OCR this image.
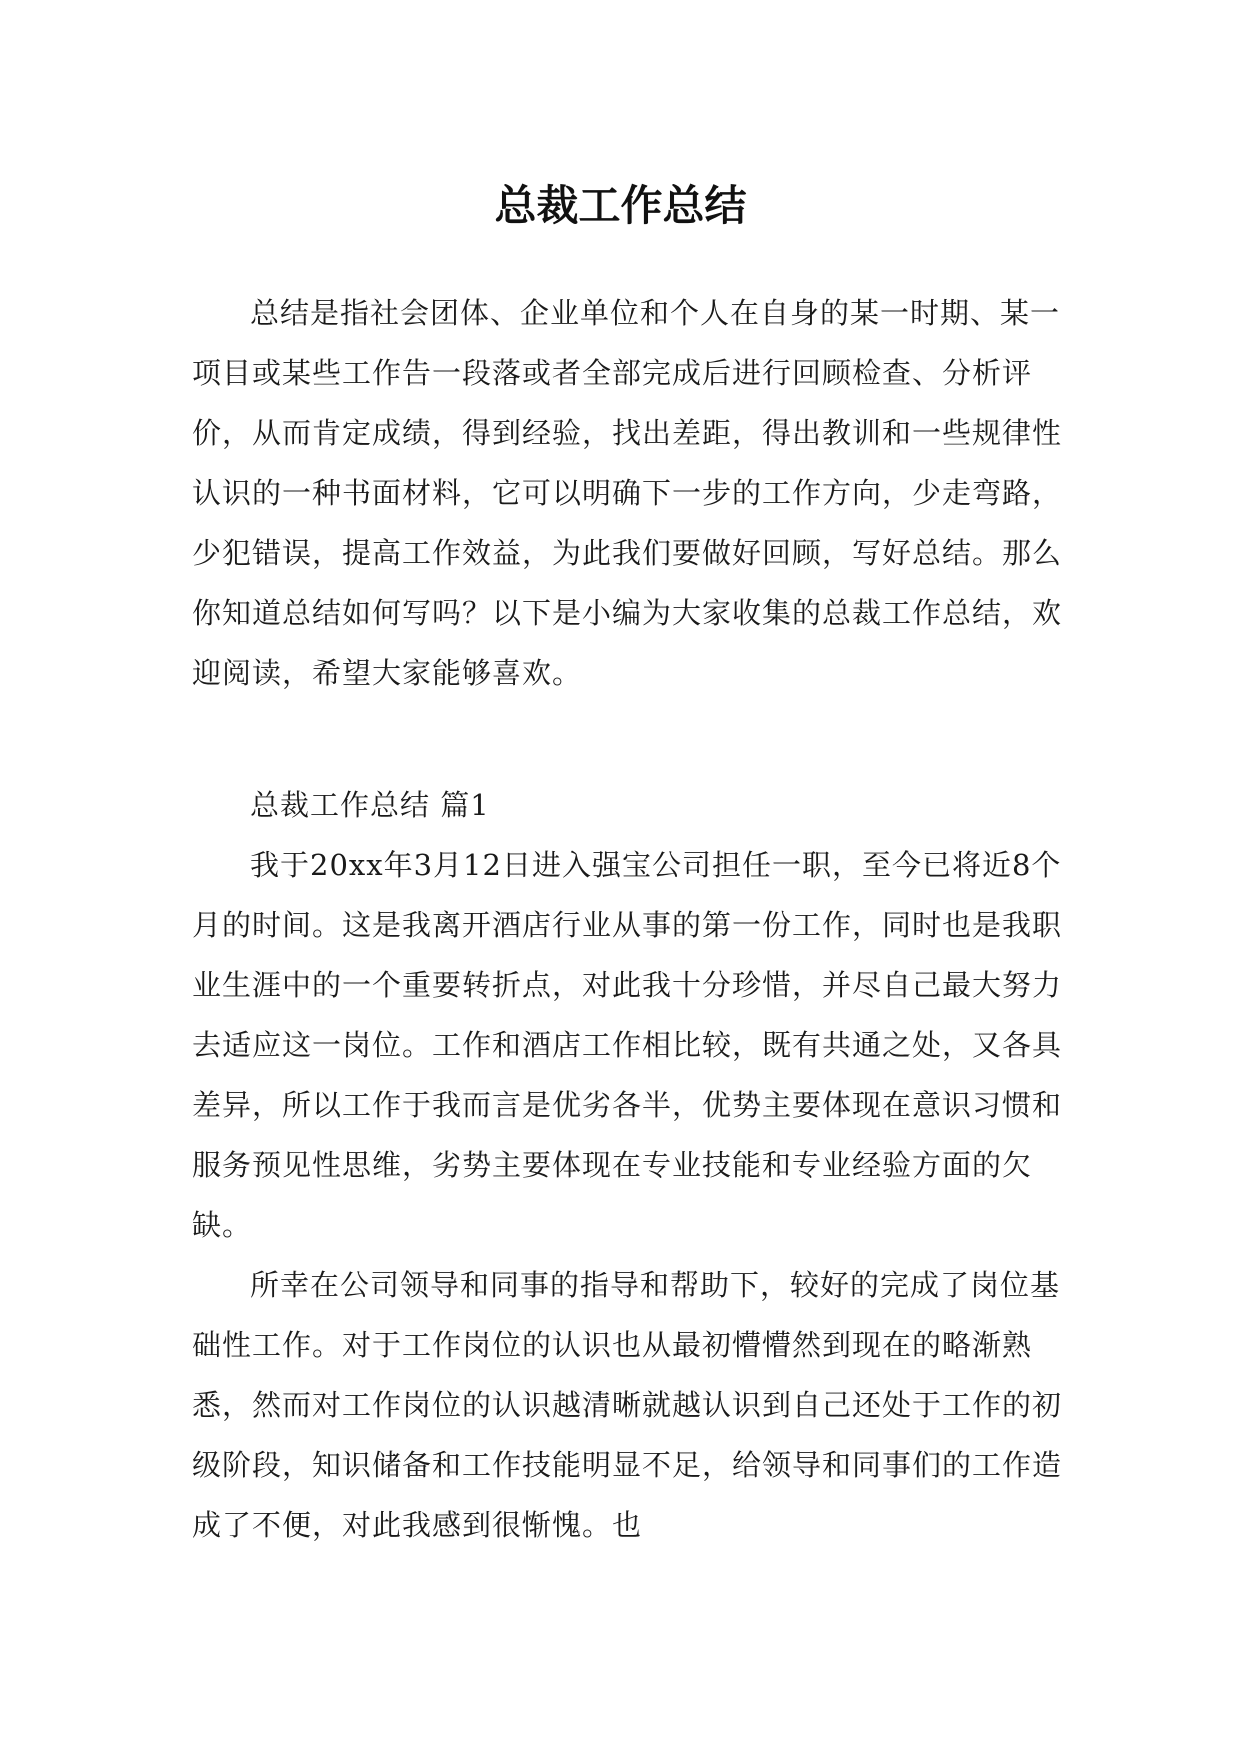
总裁工作总结

总结是指社会团体、企业单位和个人在自身的某一时期、某一项目或某些工作告一段落或者全部完成后进行回顾检查、分析评价，从而肯定成绩，得到经验，找出差距，得出教训和一些规律性认识的一种书面材料，它可以明确下一步的工作方向，少走弯路，少犯错误，提高工作效益，为此我们要做好回顾，写好总结。那么你知道总结如何写吗？以下是小编为大家收集的总裁工作总结，欢迎阅读，希望大家能够喜欢。

总裁工作总结 篇1

我于20xx年3月12日进入强宝公司担任一职，至今已将近8个月的时间。这是我离开酒店行业从事的第一份工作，同时也是我职业生涯中的一个重要转折点，对此我十分珍惜，并尽自己最大努力去适应这一岗位。工作和酒店工作相比较，既有共通之处，又各具差异，所以工作于我而言是优劣各半，优势主要体现在意识习惯和服务预见性思维，劣势主要体现在专业技能和专业经验方面的欠缺。

所幸在公司领导和同事的指导和帮助下，较好的完成了岗位基础性工作。对于工作岗位的认识也从最初懵懵然到现在的略渐熟悉，然而对工作岗位的认识越清晰就越认识到自己还处于工作的初级阶段，知识储备和工作技能明显不足，给领导和同事们的工作造成了不便，对此我感到很惭愧。也
